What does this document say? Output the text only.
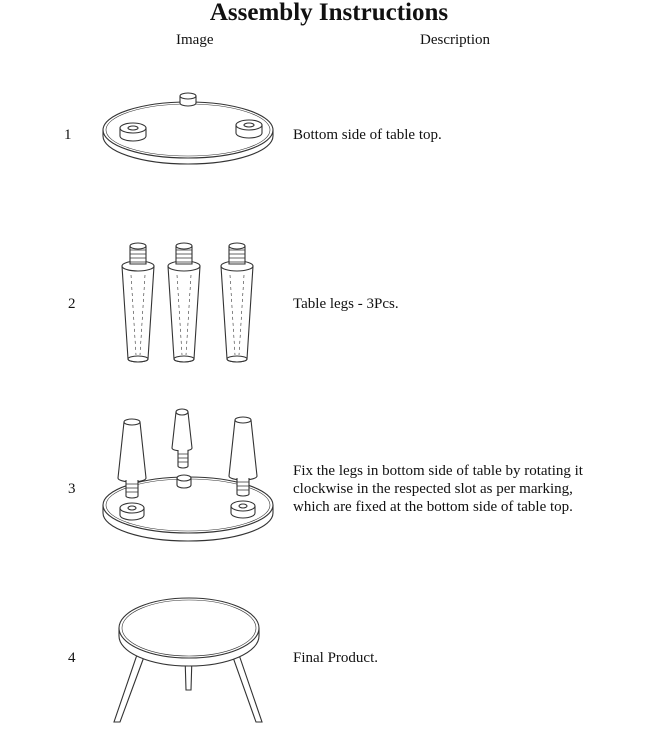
Assembly Instructions
Image	Description
1
2
3
4
Bottom side of table top.
Table legs - 3Pcs.
Fix the legs in bottom side of table by rotating it
clockwise in the respected slot as per marking,
which are fixed at the bottom side of table top.
Final Product.
